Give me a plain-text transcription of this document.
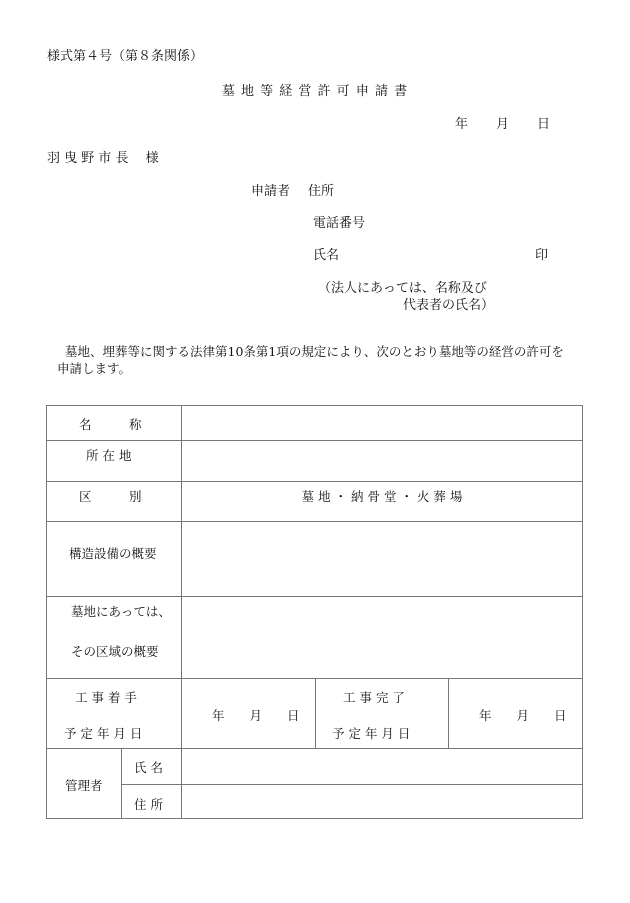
様式第４号（第８条関係）
墓 地 等 経 営 許 可 申 請 書
年 月 日
羽 曳 野 市 長　 様
申請者 住所
電話番号
氏名	印
（法人にあっては、名称及び
代表者の氏名）
墓地、埋葬等に関する法律第10条第1項の規定により、次のとおり墓地等の経営の許可を
申請します。
名　　　称
所 在 地
区　　　別	墓 地 ・ 納 骨 堂 ・ 火 葬 場
構造設備の概要
墓地にあっては、
その区域の概要
工 事 着 手
予 定 年 月 日
年　　月　　日
工 事 完 了
予 定 年 月 日
年　　月　　日
管理者
氏 名
住 所
